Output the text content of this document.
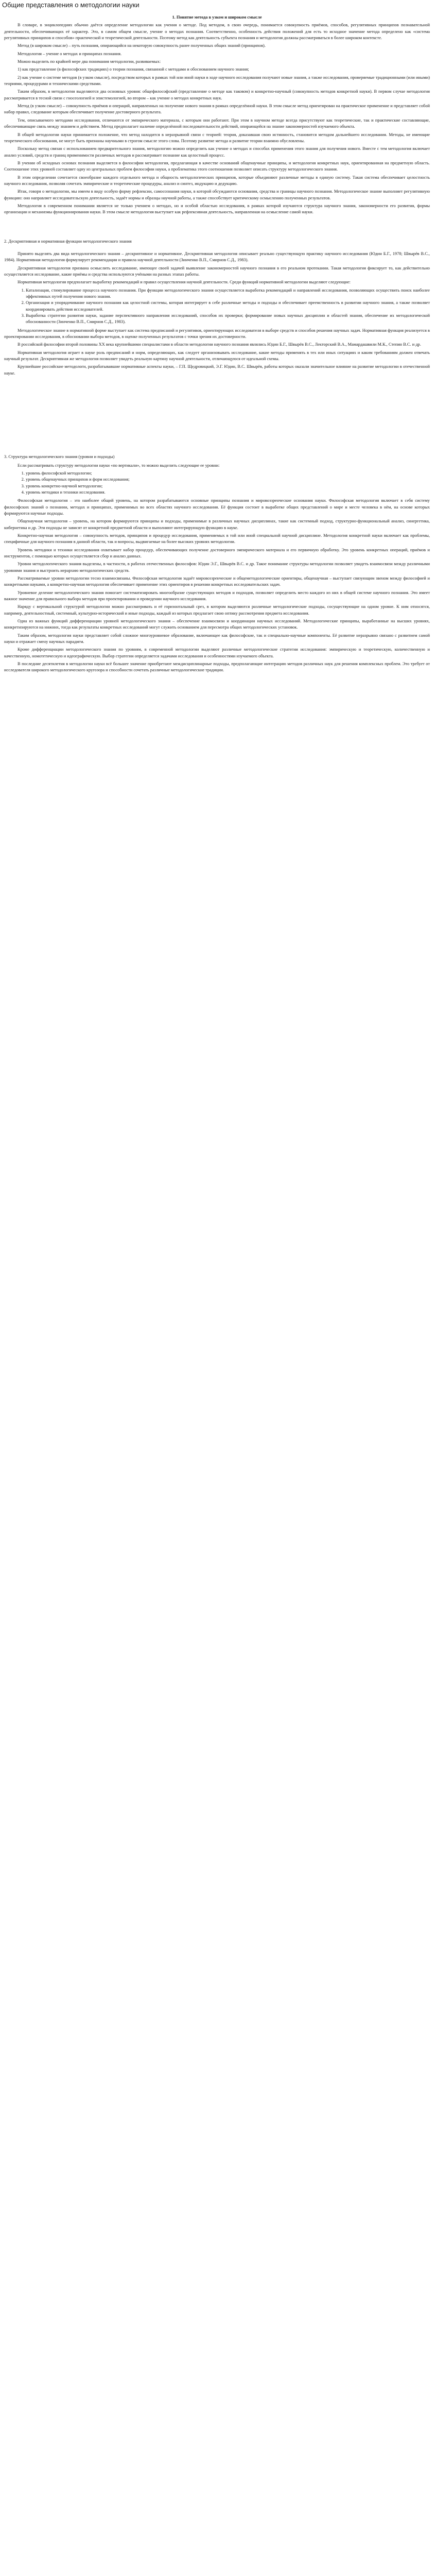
Общие представления о методологии науки
1. Понятие метода в узком и широком смысле

В словаре, в энциклопедиях обычно даётся определение методологии как учения о методе. Под методом, в свою очередь, понимается совокупность приёмов, способов, регулятивных принципов познавательной деятельности, обеспечивающих её характер. Это, в самом общем смысле, учение о методах познания. Соответственно, особенность действия положений для есть то исходное значение метода определено как «система регулятивных принципов и способов» практической и теоретической деятельности. Поэтому метод как деятельность субъекта познания и методология должны рассматриваться в более широком контексте.

Метод (в широком смысле) – путь познания, опирающийся на некоторую совокупность ранее полученных общих знаний (принципов).

Методология – учение о методах и принципах познания.

Можно выделить по крайней мере два понимания методологии, развиваемых:

1) как представление (в философских традициях) о теории познания, связанной с методами и обоснованием научного знания;

2) как учение о системе методов (в узком смысле), посредством которых в рамках той или иной науки в ходе научного исследования получают новые знания, а также исследования, проверяемые традиционными (или иными) теориями, процедурами и техническими средствами.

Таким образом, в методологии выделяются два основных уровня: общефилософский (представление о методе как таковом) и конкретно-научный (совокупность методов конкретной науки). В первом случае методология рассматривается в тесной связи с гносеологией и эпистемологией, во втором – как учение о методах конкретных наук.

Метод (в узком смысле) – совокупность приёмов и операций, направленных на получение нового знания в рамках определённой науки. В этом смысле метод ориентирован на практическое применение и представляет собой набор правил, следование которым обеспечивает получение достоверного результата.

Тем, описываемого методами исследования, отличаются от эмпирического материала, с которым они работают. При этом в научном методе всегда присутствуют как теоретические, так и практические составляющие, обеспечивающие связь между знанием и действием. Метод предполагает наличие определённой последовательности действий, опирающейся на знание закономерностей изучаемого объекта.

В общей методологии науки принимается положение, что метод находится в неразрывной связи с теорией: теория, доказавшая свою истинность, становится методом дальнейшего исследования. Методы, не имеющие теоретического обоснования, не могут быть признаны научными в строгом смысле этого слова. Поэтому развитие метода и развитие теории взаимно обусловлены.

Поскольку метод связан с использованием предварительного знания, методологию можно определить как учение о методах и способах применения этого знания для получения нового. Вместе с тем методология включает анализ условий, средств и границ применимости различных методов и рассматривает познание как целостный процесс.

В учении об исходных основах познания выделяется в философии методология, предлагающая в качестве оснований общенаучные принципы, и методология конкретных наук, ориентированная на предметную область. Соотношение этих уровней составляет одну из центральных проблем философии науки, а проблематика этого соотношения позволяет описать структуру методологического знания.

В этом определении сочетается своеобразие каждого отдельного метода и общность методологических принципов, которые объединяют различные методы в единую систему. Такая система обеспечивает целостность научного исследования, позволяя сочетать эмпирические и теоретические процедуры, анализ и синтез, индукцию и дедукцию.

Итак, говоря о методологии, мы имеем в виду особую форму рефлексии, самосознания науки, в которой обсуждаются основания, средства и границы научного познания. Методологическое знание выполняет регулятивную функцию: оно направляет исследовательскую деятельность, задаёт нормы и образцы научной работы, а также способствует критическому осмыслению полученных результатов.

Методология в современном понимании является не только учением о методах, но и особой областью исследования, в рамках которой изучаются структура научного знания, закономерности его развития, формы организации и механизмы функционирования науки. В этом смысле методология выступает как рефлексивная деятельность, направленная на осмысление самой науки.

2. Дескриптивная и нормативная функции методологического знания

Принято выделять два вида методологического знания – дескриптивное и нормативное. Дескриптивная методология описывает реально существующую практику научного исследования (Юдин Б.Г., 1978; Швырёв В.С., 1984). Нормативная методология формулирует рекомендации и правила научной деятельности (Зинченко В.П., Смирнов С.Д., 1983).

Дескриптивная методология призвана осмыслить исследование, имеющее своей задачей выявление закономерностей научного познания в его реальном протекании. Такая методология фиксирует то, как действительно осуществляется исследование, какие приёмы и средства используются учёными на разных этапах работы.

Нормативная методология предполагает выработку рекомендаций и правил осуществления научной деятельности. Среди функций нормативной методологии выделяют следующие:

1. Катализация, стимулирование процесса научного познания. При функции методологического знания осуществляется выработка рекомендаций и направлений исследования, позволяющих осуществить поиск наиболее эффективных путей получения нового знания.
2. Организация и упорядочивание научного познания как целостной системы, которая интегрирует в себе различные методы и подходы и обеспечивает преемственность в развитии научного знания, а также позволяет координировать действия исследователей.
3. Выработка стратегии развития науки, задание перспективного направления исследований, способов их проверки; формирование новых научных дисциплин и областей знания, обеспечение их методологической обоснованности (Зинченко В.П., Смирнов С.Д., 1983).

Методологическое знание в нормативной форме выступает как система предписаний и регулятивов, ориентирующих исследователя в выборе средств и способов решения научных задач. Нормативная функция реализуется в проектировании исследования, в обосновании выбора методов, в оценке полученных результатов с точки зрения их достоверности.

В российской философии второй половины XX века крупнейшими специалистами в области методологии научного познания являлись Юдин Б.Г., Швырёв В.С., Лекторский В.А., Мамардашвили М.К., Степин В.С. и др.

Нормативная методология играет в науке роль предписаний и норм, определяющих, как следует организовывать исследование, какие методы применять в тех или иных ситуациях и каким требованиям должен отвечать научный результат. Дескриптивная же методология позволяет увидеть реальную картину научной деятельности, отличающуюся от идеальной схемы.

Крупнейшие российские методологи, разрабатывавшие нормативные аспекты науки, – Г.П. Щедровицкий, Э.Г. Юдин, В.С. Швырёв, работы которых оказали значительное влияние на развитие методологии в отечественной науке.

3. Структура методологического знания (уровни и подходы)

Если рассматривать структуру методологии науки «по вертикали», то можно выделить следующие ее уровни:

1. уровень философской методологии;
2. уровень общенаучных принципов и форм исследования;
3. уровень конкретно-научной методологии;
4. уровень методики и техники исследования.

Философская методология – это наиболее общий уровень, на котором разрабатываются основные принципы познания и мировоззренческие основания науки. Философская методология включает в себя систему философских знаний о познании, методах и принципах, применимых во всех областях научного исследования. Её функция состоит в выработке общих представлений о мире и месте человека в нём, на основе которых формируются научные подходы.

Общенаучная методология – уровень, на котором формируются принципы и подходы, применимые в различных научных дисциплинах, такие как системный подход, структурно-функциональный анализ, синергетика, кибернетика и др. Эти подходы не зависят от конкретной предметной области и выполняют интегрирующую функцию в науке.

Конкретно-научная методология – совокупность методов, принципов и процедур исследования, применяемых в той или иной специальной научной дисциплине. Методология конкретной науки включает как проблемы, специфичные для научного познания в данной области, так и вопросы, выдвигаемые на более высоких уровнях методологии.

Уровень методики и техники исследования охватывает набор процедур, обеспечивающих получение достоверного эмпирического материала и его первичную обработку. Это уровень конкретных операций, приёмов и инструментов, с помощью которых осуществляется сбор и анализ данных.

Уровни методологического знания выделены, в частности, в работах отечественных философов: Юдин Э.Г., Швырёв В.С. и др. Такое понимание структуры методологии позволяет увидеть взаимосвязи между различными уровнями знания и выстроить иерархию методологических средств.

Рассматриваемые уровни методологии тесно взаимосвязаны. Философская методология задаёт мировоззренческие и общеметодологические ориентиры, общенаучная – выступает связующим звеном между философией и конкретными науками, а конкретно-научная методология обеспечивает применение этих ориентиров в решении конкретных исследовательских задач.

Уровневое деление методологического знания помогает систематизировать многообразие существующих методов и подходов, позволяет определить место каждого из них в общей системе научного познания. Это имеет важное значение для правильного выбора методов при проектировании и проведении научного исследования.

Наряду с вертикальной структурой методологии можно рассматривать и её горизонтальный срез, в котором выделяются различные методологические подходы, сосуществующие на одном уровне. К ним относятся, например, деятельностный, системный, культурно-исторический и иные подходы, каждый из которых предлагает свою оптику рассмотрения предмета исследования.

Одна из важных функций дифференциации уровней методологического знания – обеспечение взаимосвязи и координации научных исследований. Методологические принципы, выработанные на высших уровнях, конкретизируются на нижних, тогда как результаты конкретных исследований могут служить основанием для пересмотра общих методологических установок.

Таким образом, методология науки представляет собой сложное многоуровневое образование, включающее как философские, так и специально-научные компоненты. Её развитие неразрывно связано с развитием самой науки и отражает смену научных парадигм.

Кроме дифференциации методологического знания по уровням, в современной методологии выделяют различные методологические стратегии исследования: эмпирическую и теоретическую, количественную и качественную, номотетическую и идеографическую. Выбор стратегии определяется задачами исследования и особенностями изучаемого объекта.

В последние десятилетия в методологии науки всё большее значение приобретают междисциплинарные подходы, предполагающие интеграцию методов различных наук для решения комплексных проблем. Это требует от исследователя широкого методологического кругозора и способности сочетать различные методологические традиции.
